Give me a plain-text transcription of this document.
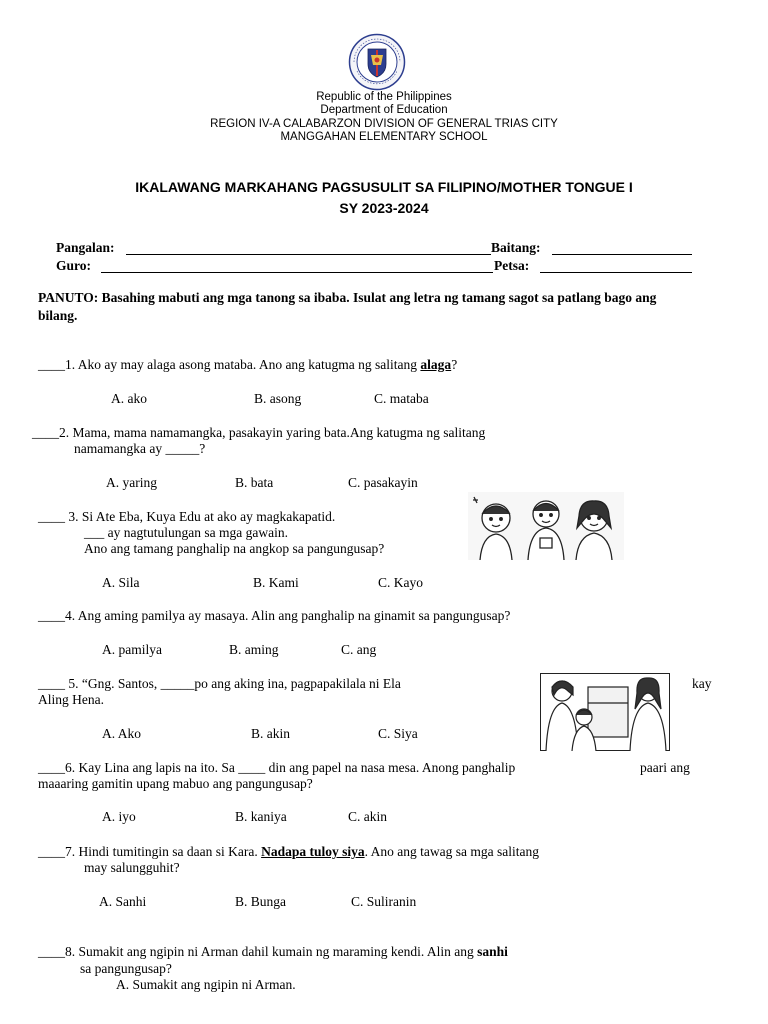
Republic of the Philippines
Department of Education
REGION IV-A CALABARZON DIVISION OF GENERAL TRIAS CITY
MANGGAHAN ELEMENTARY SCHOOL
IKALAWANG MARKAHANG PAGSUSULIT SA FILIPINO/MOTHER TONGUE I
SY 2023-2024
Pangalan:	Baitang:
Guro:	Petsa:
PANUTO: Basahing mabuti ang mga tanong sa ibaba. Isulat ang letra ng tamang sagot sa patlang bago ang
bilang.
____1. Ako ay may alaga asong mataba. Ano ang katugma ng salitang alaga?
A. ako	B. asong	C. mataba
____2. Mama, mama namamangka, pasakayin yaring bata.Ang katugma ng salitang
namamangka ay _____?
A. yaring	B. bata	C. pasakayin
____ 3. Si Ate Eba, Kuya Edu at ako ay magkakapatid.
___ ay nagtutulungan sa mga gawain.
Ano ang tamang panghalip na angkop sa pangungusap?
A. Sila	B. Kami	C. Kayo
____4. Ang aming pamilya ay masaya. Alin ang panghalip na ginamit sa pangungusap?
A. pamilya	B. aming	C. ang
____ 5. “Gng. Santos, _____po ang aking ina, pagpapakilala ni Ela	kay
Aling Hena.
A. Ako	B. akin	C. Siya
____6. Kay Lina ang lapis na ito. Sa ____ din ang papel na nasa mesa. Anong panghalip	paari ang
maaaring gamitin upang mabuo ang pangungusap?
A. iyo	B. kaniya	C. akin
____7. Hindi tumitingin sa daan si Kara. Nadapa tuloy siya. Ano ang tawag sa mga salitang
may salungguhit?
A. Sanhi	B. Bunga	C. Suliranin
____8. Sumakit ang ngipin ni Arman dahil kumain ng maraming kendi. Alin ang sanhi
sa pangungusap?
A. Sumakit ang ngipin ni Arman.
